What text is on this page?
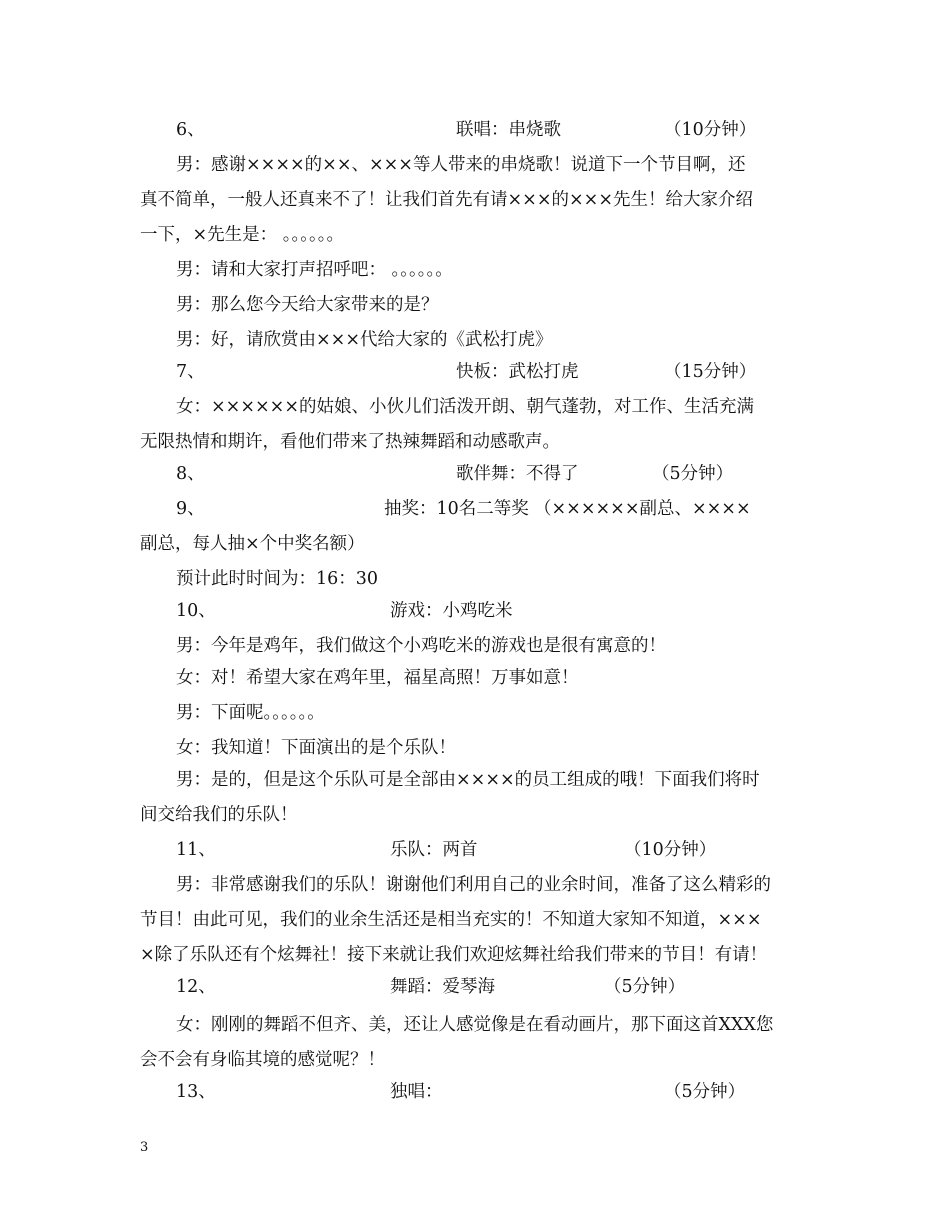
6、	联唱：串烧歌	（10分钟）
男：感谢××××的××、×××等人带来的串烧歌！说道下一个节目啊，还
真不简单，一般人还真来不了！让我们首先有请×××的×××先生！给大家介绍
一下，×先生是： 。。。。。。
男：请和大家打声招呼吧： 。。。。。。
男：那么您今天给大家带来的是？
男：好，请欣赏由×××代给大家的《武松打虎》
7、	快板：武松打虎	（15分钟）
女：××××××的姑娘、小伙儿们活泼开朗、朝气蓬勃，对工作、生活充满
无限热情和期许，看他们带来了热辣舞蹈和动感歌声。
8、	歌伴舞：不得了	（5分钟）
9、	抽奖：10名二等奖 （××××××副总、××××
副总，每人抽×个中奖名额）
预计此时时间为：16：30
10、	游戏：小鸡吃米
男：今年是鸡年，我们做这个小鸡吃米的游戏也是很有寓意的！
女：对！希望大家在鸡年里，福星高照！万事如意！
男：下面呢。。。。。。
女：我知道！下面演出的是个乐队！
男：是的，但是这个乐队可是全部由××××的员工组成的哦！下面我们将时
间交给我们的乐队！
11、	乐队：两首	（10分钟）
男：非常感谢我们的乐队！谢谢他们利用自己的业余时间，准备了这么精彩的
节目！由此可见，我们的业余生活还是相当充实的！不知道大家知不知道，×××
×除了乐队还有个炫舞社！接下来就让我们欢迎炫舞社给我们带来的节目！有请！
12、	舞蹈：爱琴海	（5分钟）
女：刚刚的舞蹈不但齐、美，还让人感觉像是在看动画片，那下面这首XXX您
会不会有身临其境的感觉呢？！
13、	独唱：	（5分钟）
3
